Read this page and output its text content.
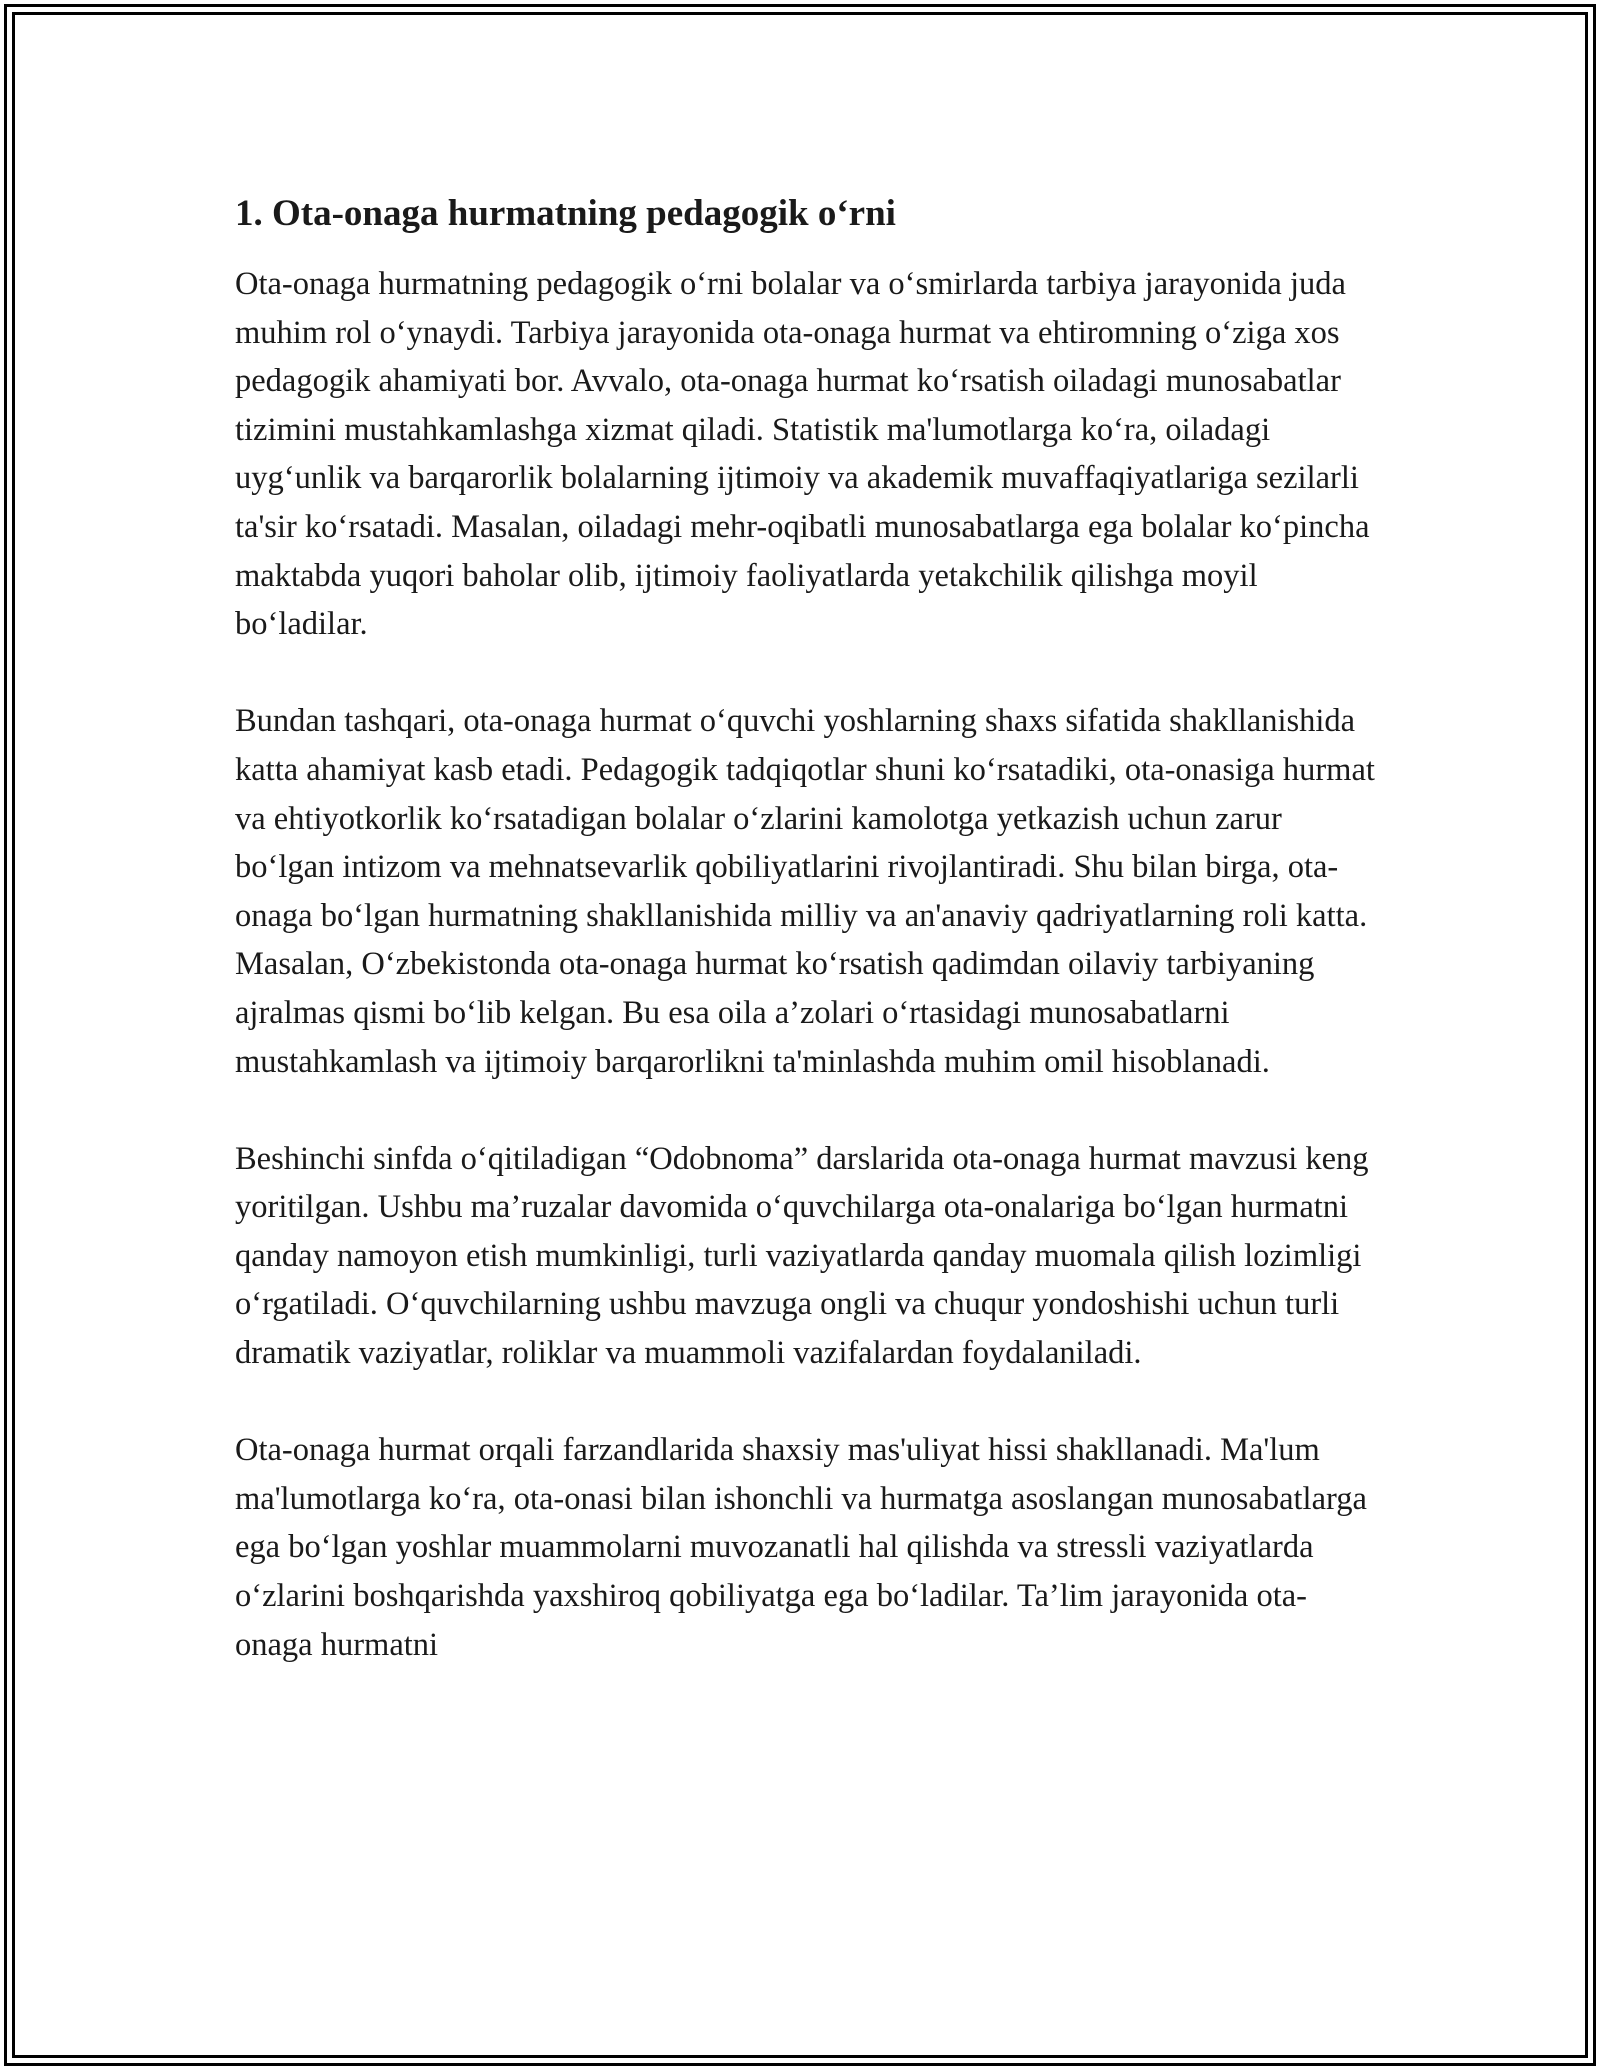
1. Ota-onaga hurmatning pedagogik o‘rni

Ota-onaga hurmatning pedagogik o‘rni bolalar va o‘smirlarda tarbiya jarayonida juda muhim rol o‘ynaydi. Tarbiya jarayonida ota-onaga hurmat va ehtiromning o‘ziga xos pedagogik ahamiyati bor. Avvalo, ota-onaga hurmat ko‘rsatish oiladagi munosabatlar tizimini mustahkamlashga xizmat qiladi. Statistik ma'lumotlarga ko‘ra, oiladagi uyg‘unlik va barqarorlik bolalarning ijtimoiy va akademik muvaffaqiyatlariga sezilarli ta'sir ko‘rsatadi. Masalan, oiladagi mehr-oqibatli munosabatlarga ega bolalar ko‘pincha maktabda yuqori baholar olib, ijtimoiy faoliyatlarda yetakchilik qilishga moyil bo‘ladilar.

Bundan tashqari, ota-onaga hurmat o‘quvchi yoshlarning shaxs sifatida shakllanishida katta ahamiyat kasb etadi. Pedagogik tadqiqotlar shuni ko‘rsatadiki, ota-onasiga hurmat va ehtiyotkorlik ko‘rsatadigan bolalar o‘zlarini kamolotga yetkazish uchun zarur bo‘lgan intizom va mehnatsevarlik qobiliyatlarini rivojlantiradi. Shu bilan birga, ota-onaga bo‘lgan hurmatning shakllanishida milliy va an'anaviy qadriyatlarning roli katta. Masalan, O‘zbekistonda ota-onaga hurmat ko‘rsatish qadimdan oilaviy tarbiyaning ajralmas qismi bo‘lib kelgan. Bu esa oila a’zolari o‘rtasidagi munosabatlarni mustahkamlash va ijtimoiy barqarorlikni ta'minlashda muhim omil hisoblanadi.

Beshinchi sinfda o‘qitiladigan “Odobnoma” darslarida ota-onaga hurmat mavzusi keng yoritilgan. Ushbu ma’ruzalar davomida o‘quvchilarga ota-onalariga bo‘lgan hurmatni qanday namoyon etish mumkinligi, turli vaziyatlarda qanday muomala qilish lozimligi o‘rgatiladi. O‘quvchilarning ushbu mavzuga ongli va chuqur yondoshishi uchun turli dramatik vaziyatlar, roliklar va muammoli vazifalardan foydalaniladi.

Ota-onaga hurmat orqali farzandlarida shaxsiy mas'uliyat hissi shakllanadi. Ma'lum ma'lumotlarga ko‘ra, ota-onasi bilan ishonchli va hurmatga asoslangan munosabatlarga ega bo‘lgan yoshlar muammolarni muvozanatli hal qilishda va stressli vaziyatlarda o‘zlarini boshqarishda yaxshiroq qobiliyatga ega bo‘ladilar. Ta’lim jarayonida ota-onaga hurmatni
